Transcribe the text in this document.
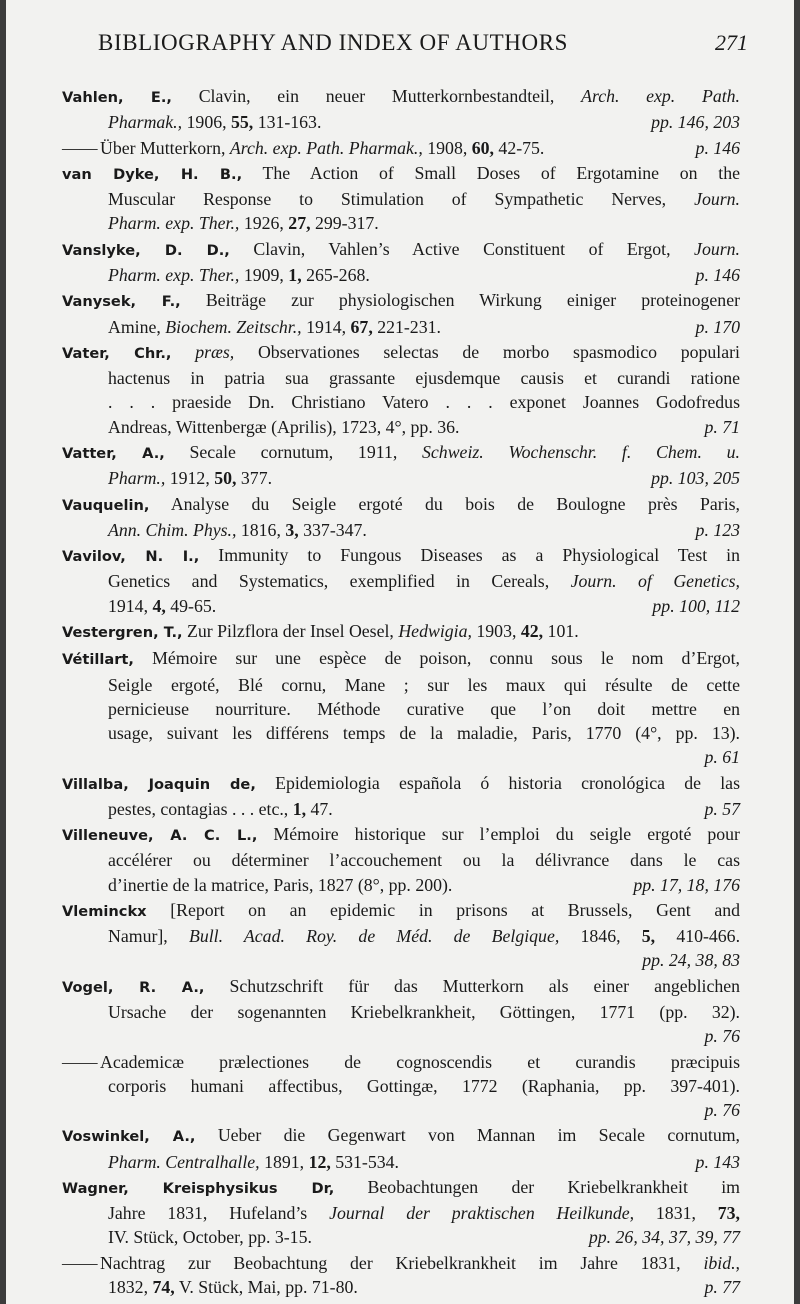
BIBLIOGRAPHY AND INDEX OF AUTHORS	271
Vahlen, E., Clavin, ein neuer Mutterkornbestandteil, Arch. exp. Path.
Pharmak., 1906, 55, 131-163.	pp. 146, 203
—— Über Mutterkorn, Arch. exp. Path. Pharmak., 1908, 60, 42-75.	p. 146
van Dyke, H. B., The Action of Small Doses of Ergotamine on the
Muscular Response to Stimulation of Sympathetic Nerves, Journ.
Pharm. exp. Ther., 1926, 27, 299-317.
Vanslyke, D. D., Clavin, Vahlen’s Active Constituent of Ergot, Journ.
Pharm. exp. Ther., 1909, 1, 265-268.	p. 146
Vanysek, F., Beiträge zur physiologischen Wirkung einiger proteinogener
Amine, Biochem. Zeitschr., 1914, 67, 221-231.	p. 170
Vater, Chr., præs, Observationes selectas de morbo spasmodico populari
hactenus in patria sua grassante ejusdemque causis et curandi ratione
. . . praeside Dn. Christiano Vatero . . . exponet Joannes Godofredus
Andreas, Wittenbergæ (Aprilis), 1723, 4°, pp. 36.	p. 71
Vatter, A., Secale cornutum, 1911, Schweiz. Wochenschr. f. Chem. u.
Pharm., 1912, 50, 377.	pp. 103, 205
Vauquelin, Analyse du Seigle ergoté du bois de Boulogne près Paris,
Ann. Chim. Phys., 1816, 3, 337-347.	p. 123
Vavilov, N. I., Immunity to Fungous Diseases as a Physiological Test in
Genetics and Systematics, exemplified in Cereals, Journ. of Genetics,
1914, 4, 49-65.	pp. 100, 112
Vestergren, T., Zur Pilzflora der Insel Oesel, Hedwigia, 1903, 42, 101.
Vétillart, Mémoire sur une espèce de poison, connu sous le nom d’Ergot,
Seigle ergoté, Blé cornu, Mane ; sur les maux qui résulte de cette
pernicieuse nourriture. Méthode curative que l’on doit mettre en
usage, suivant les différens temps de la maladie, Paris, 1770 (4°, pp. 13).
p. 61
Villalba, Joaquin de, Epidemiologia española ó historia cronológica de las
pestes, contagias . . . etc., 1, 47.	p. 57
Villeneuve, A. C. L., Mémoire historique sur l’emploi du seigle ergoté pour
accélérer ou déterminer l’accouchement ou la délivrance dans le cas
d’inertie de la matrice, Paris, 1827 (8°, pp. 200).	pp. 17, 18, 176
Vleminckx [Report on an epidemic in prisons at Brussels, Gent and
Namur], Bull. Acad. Roy. de Méd. de Belgique, 1846, 5, 410-466.
pp. 24, 38, 83
Vogel, R. A., Schutzschrift für das Mutterkorn als einer angeblichen
Ursache der sogenannten Kriebelkrankheit, Göttingen, 1771 (pp. 32).
p. 76
—— Academicæ prælectiones de cognoscendis et curandis præcipuis
corporis humani affectibus, Gottingæ, 1772 (Raphania, pp. 397-401).
p. 76
Voswinkel, A., Ueber die Gegenwart von Mannan im Secale cornutum,
Pharm. Centralhalle, 1891, 12, 531-534.	p. 143
Wagner, Kreisphysikus Dr, Beobachtungen der Kriebelkrankheit im
Jahre 1831, Hufeland’s Journal der praktischen Heilkunde, 1831, 73,
IV. Stück, October, pp. 3-15.	pp. 26, 34, 37, 39, 77
—— Nachtrag zur Beobachtung der Kriebelkrankheit im Jahre 1831, ibid.,
1832, 74, V. Stück, Mai, pp. 71-80.	p. 77
